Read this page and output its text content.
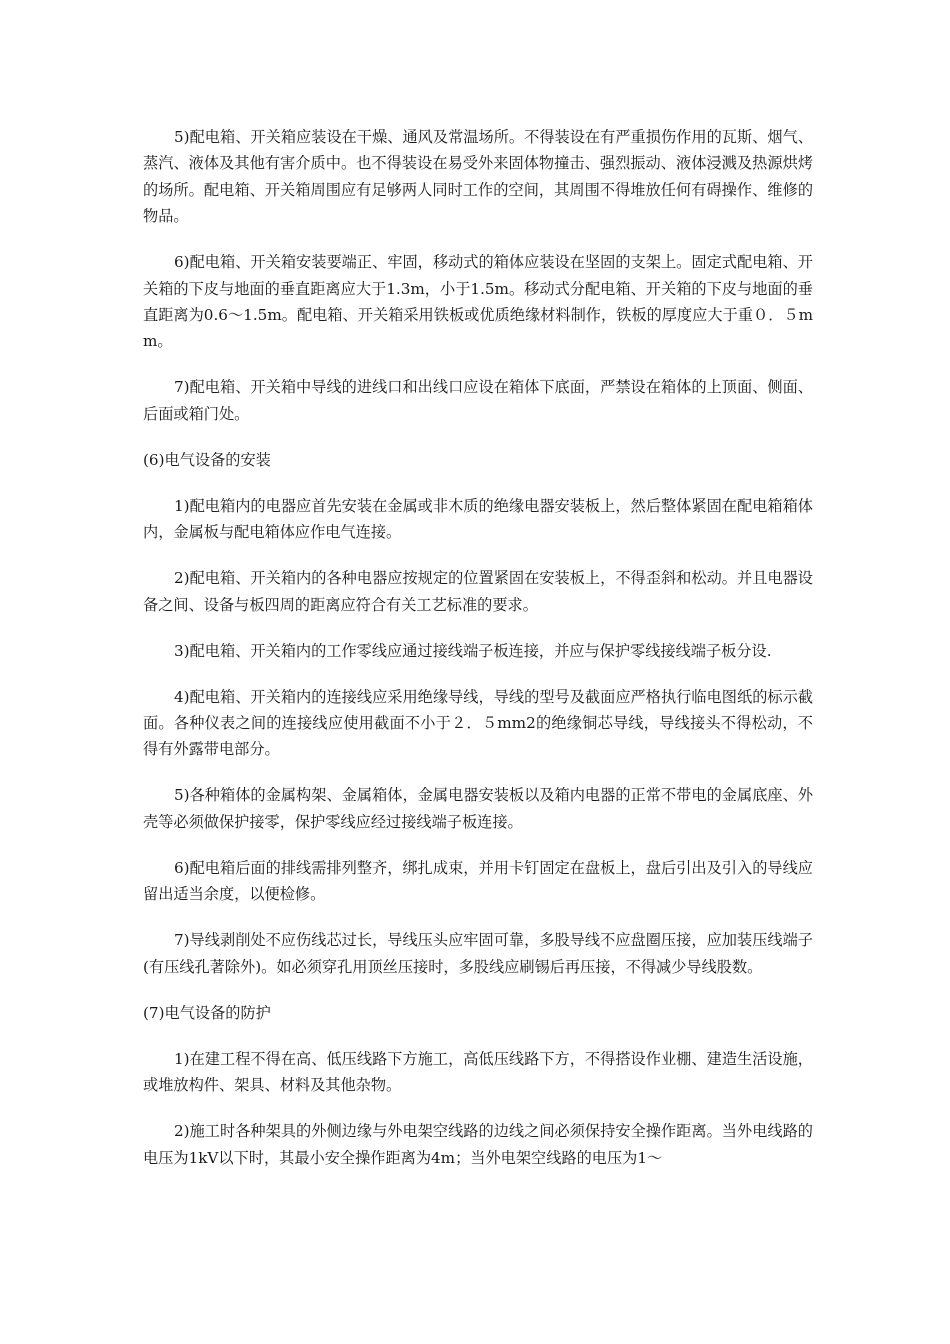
5)配电箱、开关箱应装设在干燥、通风及常温场所。不得装设在有严重损伤作用的瓦斯、烟气、蒸汽、液体及其他有害介质中。也不得装设在易受外来固体物撞击、强烈振动、液体浸溅及热源烘烤的场所。配电箱、开关箱周围应有足够两人同时工作的空间，其周围不得堆放任何有碍操作、维修的物品。

6)配电箱、开关箱安装要端正、牢固，移动式的箱体应装设在坚固的支架上。固定式配电箱、开关箱的下皮与地面的垂直距离应大于1.3m，小于1.5m。移动式分配电箱、开关箱的下皮与地面的垂直距离为0.6～1.5m。配电箱、开关箱采用铁板或优质绝缘材料制作，铁板的厚度应大于重０．５mm。

7)配电箱、开关箱中导线的进线口和出线口应设在箱体下底面，严禁设在箱体的上顶面、侧面、后面或箱门处。

(6)电气设备的安装

1)配电箱内的电器应首先安装在金属或非木质的绝缘电器安装板上，然后整体紧固在配电箱箱体内，金属板与配电箱体应作电气连接。

2)配电箱、开关箱内的各种电器应按规定的位置紧固在安装板上，不得歪斜和松动。并且电器设备之间、设备与板四周的距离应符合有关工艺标准的要求。

3)配电箱、开关箱内的工作零线应通过接线端子板连接，并应与保护零线接线端子板分设.

4)配电箱、开关箱内的连接线应采用绝缘导线，导线的型号及截面应严格执行临电图纸的标示截面。各种仪表之间的连接线应使用截面不小于２．５mm2的绝缘铜芯导线，导线接头不得松动，不得有外露带电部分。

5)各种箱体的金属构架、金属箱体，金属电器安装板以及箱内电器的正常不带电的金属底座、外壳等必须做保护接零，保护零线应经过接线端子板连接。

6)配电箱后面的排线需排列整齐，绑扎成束，并用卡钉固定在盘板上，盘后引出及引入的导线应留出适当余度，以便检修。

7)导线剥削处不应伤线芯过长，导线压头应牢固可靠，多股导线不应盘圈压接，应加装压线端子(有压线孔著除外)。如必须穿孔用顶丝压接时，多股线应刷锡后再压接，不得减少导线股数。

(7)电气设备的防护

1)在建工程不得在高、低压线路下方施工，高低压线路下方，不得搭设作业棚、建造生活设施，或堆放构件、架具、材料及其他杂物。

2)施工时各种架具的外侧边缘与外电架空线路的边线之间必须保持安全操作距离。当外电线路的电压为1kV以下时，其最小安全操作距离为4m；当外电架空线路的电压为1～
